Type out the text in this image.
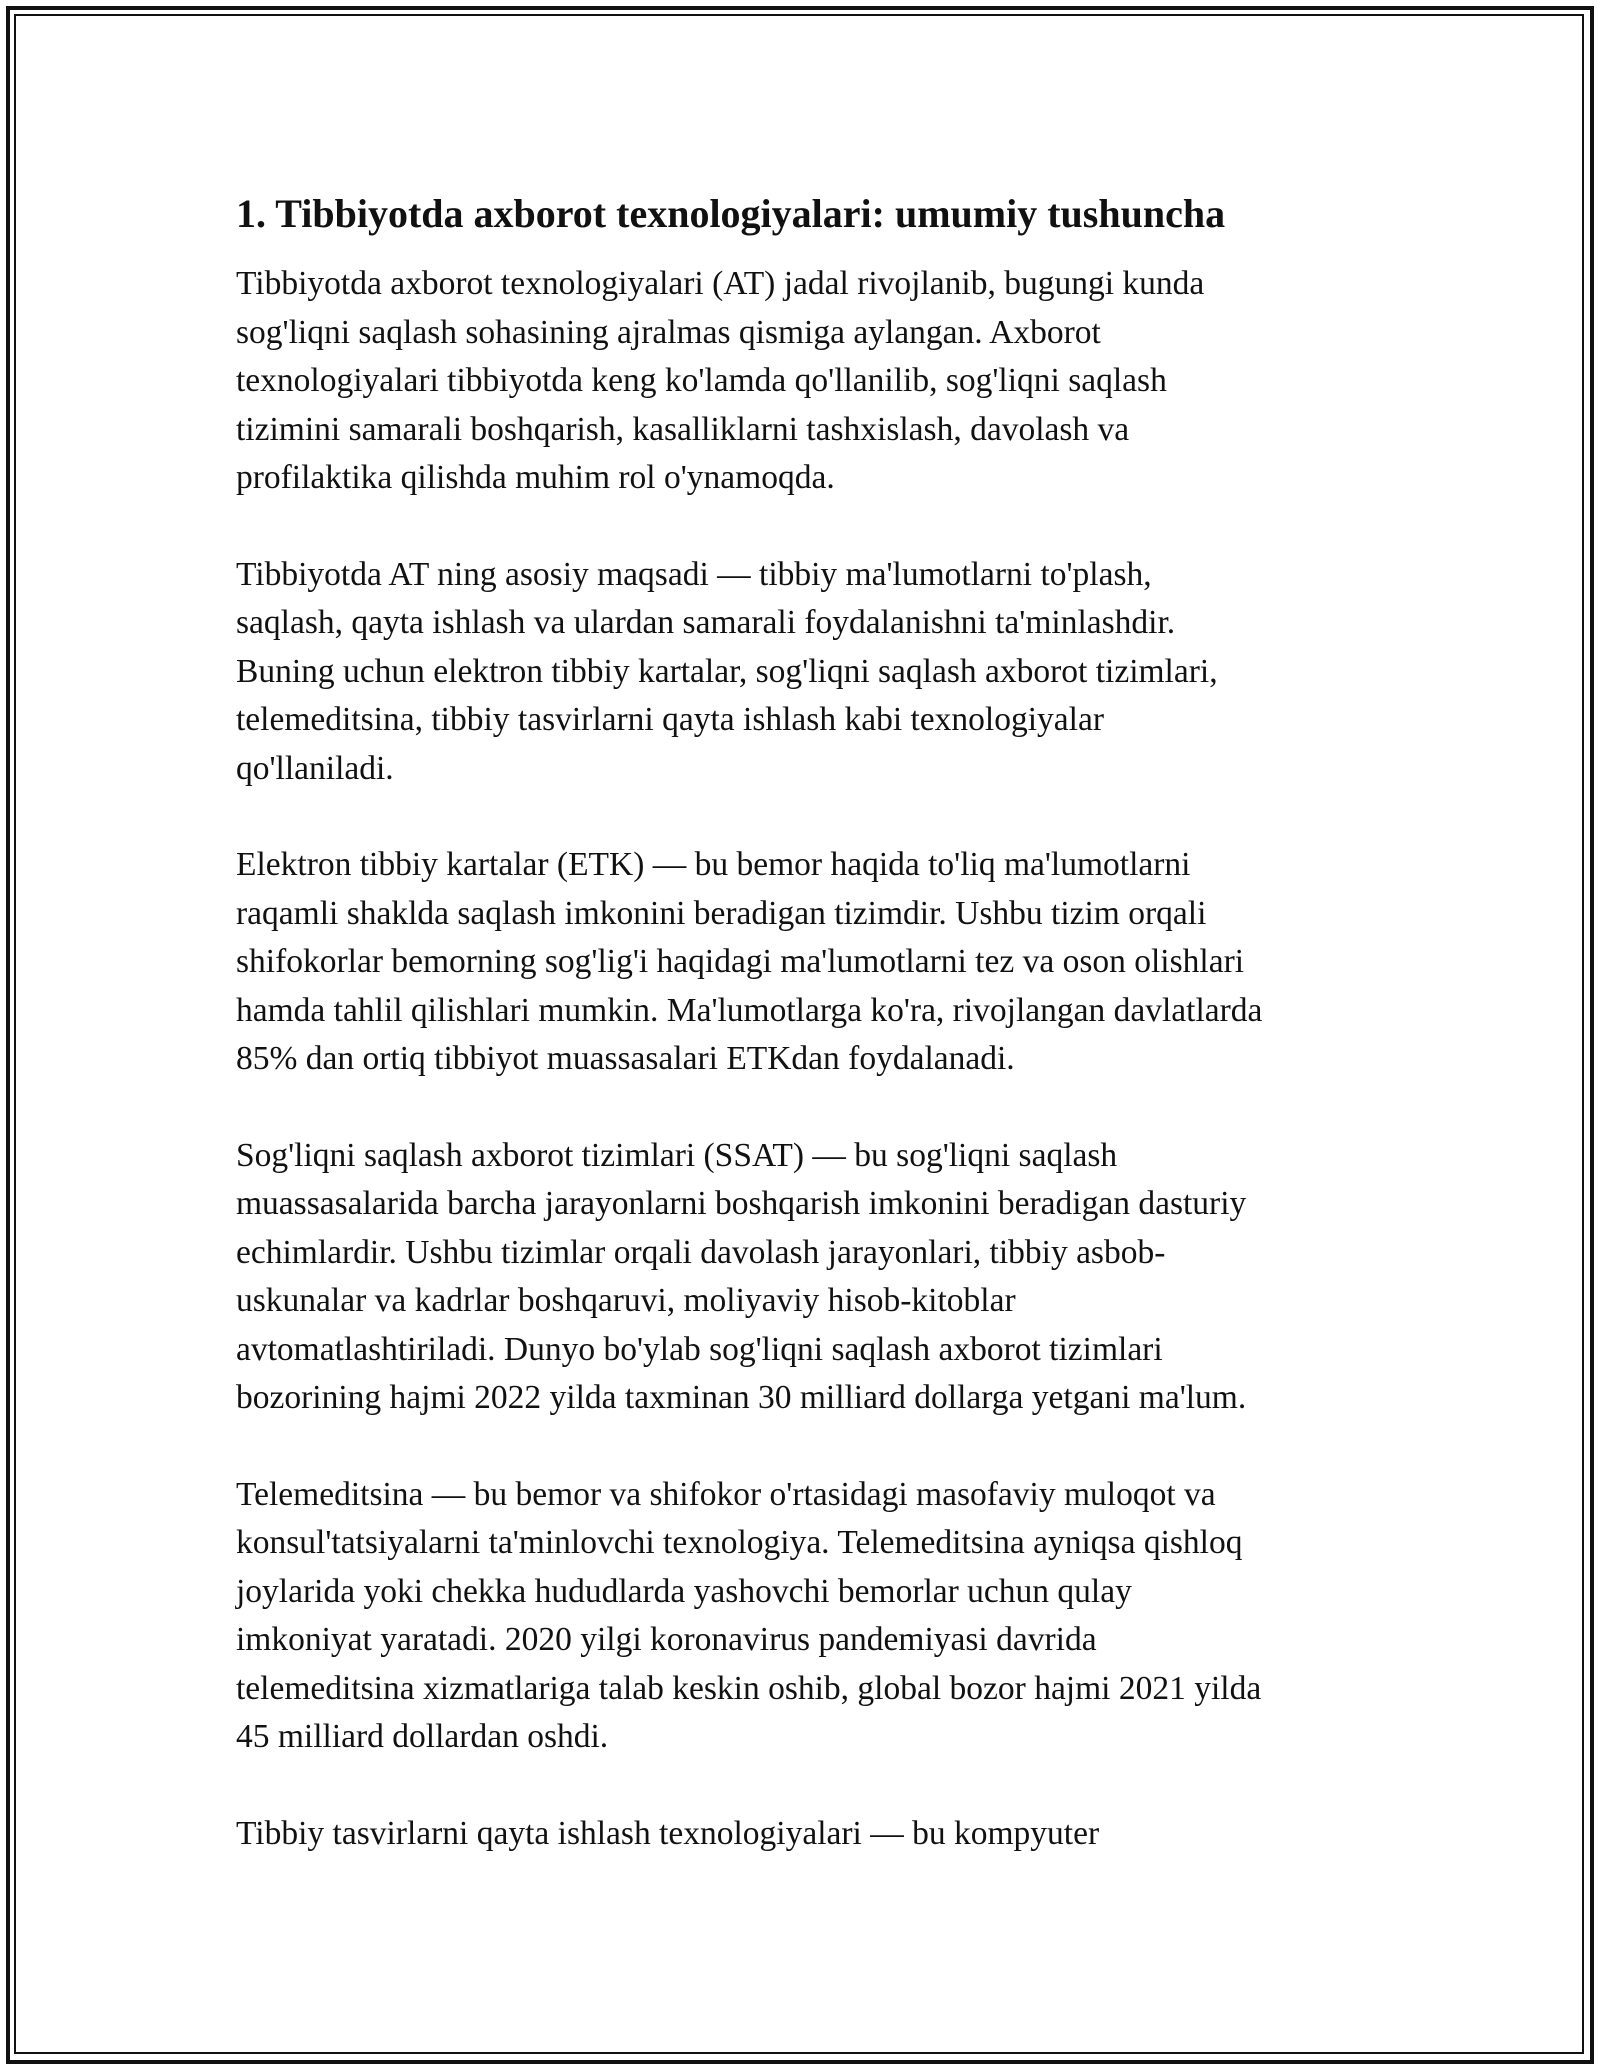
1. Tibbiyotda axborot texnologiyalari: umumiy tushuncha

Tibbiyotda axborot texnologiyalari (AT) jadal rivojlanib, bugungi kunda
sog'liqni saqlash sohasining ajralmas qismiga aylangan. Axborot
texnologiyalari tibbiyotda keng ko'lamda qo'llanilib, sog'liqni saqlash
tizimini samarali boshqarish, kasalliklarni tashxislash, davolash va
profilaktika qilishda muhim rol o'ynamoqda.

Tibbiyotda AT ning asosiy maqsadi — tibbiy ma'lumotlarni to'plash,
saqlash, qayta ishlash va ulardan samarali foydalanishni ta'minlashdir.
Buning uchun elektron tibbiy kartalar, sog'liqni saqlash axborot tizimlari,
telemeditsina, tibbiy tasvirlarni qayta ishlash kabi texnologiyalar
qo'llaniladi.

Elektron tibbiy kartalar (ETK) — bu bemor haqida to'liq ma'lumotlarni
raqamli shaklda saqlash imkonini beradigan tizimdir. Ushbu tizim orqali
shifokorlar bemorning sog'lig'i haqidagi ma'lumotlarni tez va oson olishlari
hamda tahlil qilishlari mumkin. Ma'lumotlarga ko'ra, rivojlangan davlatlarda
85% dan ortiq tibbiyot muassasalari ETKdan foydalanadi.

Sog'liqni saqlash axborot tizimlari (SSAT) — bu sog'liqni saqlash
muassasalarida barcha jarayonlarni boshqarish imkonini beradigan dasturiy
echimlardir. Ushbu tizimlar orqali davolash jarayonlari, tibbiy asbob-
uskunalar va kadrlar boshqaruvi, moliyaviy hisob-kitoblar
avtomatlashtiriladi. Dunyo bo'ylab sog'liqni saqlash axborot tizimlari
bozorining hajmi 2022 yilda taxminan 30 milliard dollarga yetgani ma'lum.

Telemeditsina — bu bemor va shifokor o'rtasidagi masofaviy muloqot va
konsul'tatsiyalarni ta'minlovchi texnologiya. Telemeditsina ayniqsa qishloq
joylarida yoki chekka hududlarda yashovchi bemorlar uchun qulay
imkoniyat yaratadi. 2020 yilgi koronavirus pandemiyasi davrida
telemeditsina xizmatlariga talab keskin oshib, global bozor hajmi 2021 yilda
45 milliard dollardan oshdi.

Tibbiy tasvirlarni qayta ishlash texnologiyalari — bu kompyuter
